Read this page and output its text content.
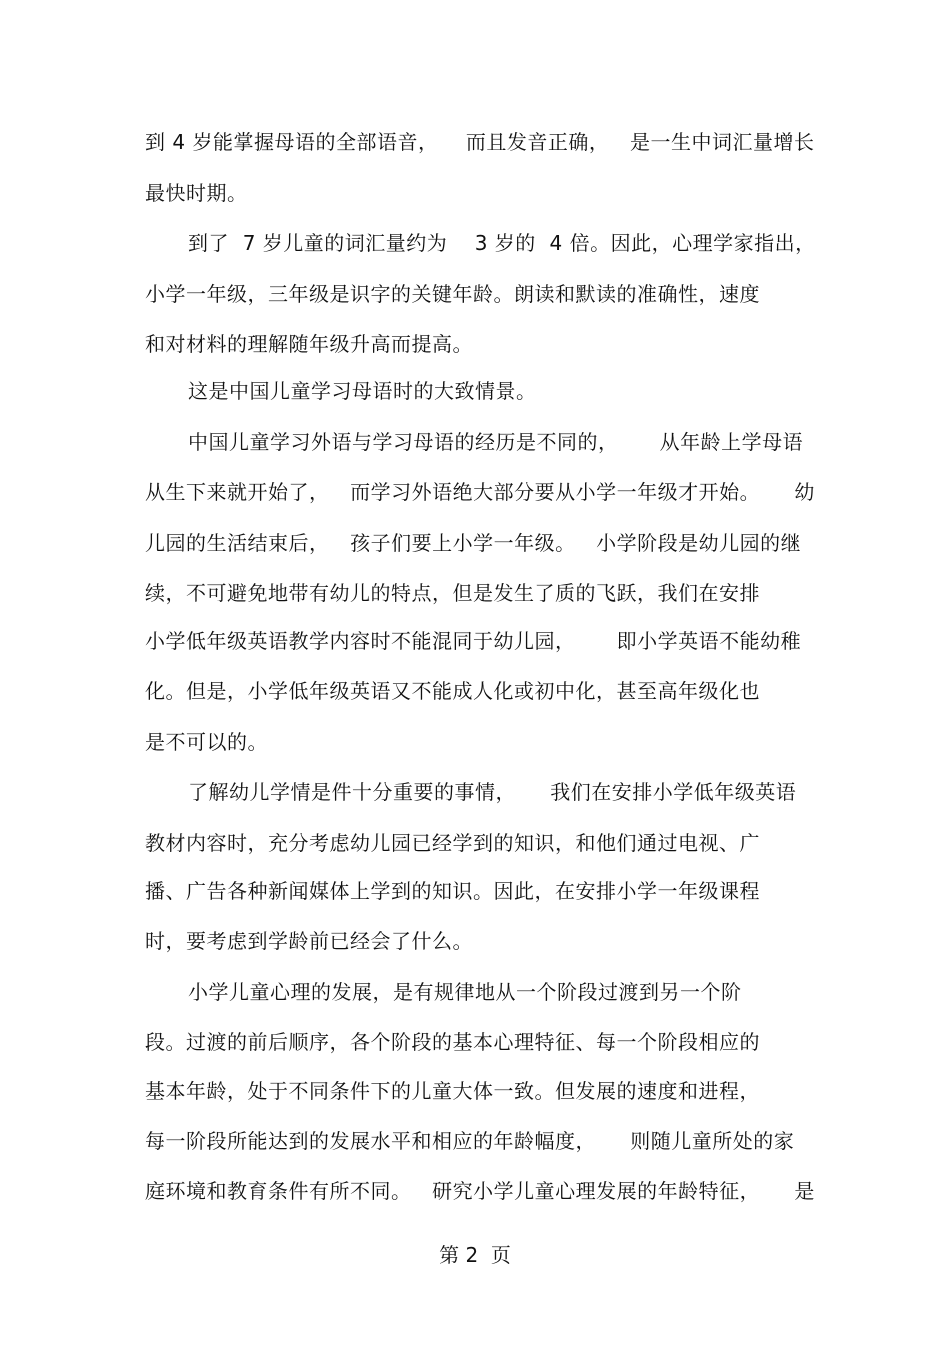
到 4 岁能掌握母语的全部语音，    而且发音正确，   是一生中词汇量增长
最快时期。
到了  7 岁儿童的词汇量约为    3 岁的  4 倍。因此，心理学家指出，
小学一年级，三年级是识字的关键年龄。朗读和默读的准确性，速度
和对材料的理解随年级升高而提高。
这是中国儿童学习母语时的大致情景。
中国儿童学习外语与学习母语的经历是不同的，      从年龄上学母语
从生下来就开始了，   而学习外语绝大部分要从小学一年级才开始。     幼
儿园的生活结束后，   孩子们要上小学一年级。   小学阶段是幼儿园的继
续，不可避免地带有幼儿的特点，但是发生了质的飞跃，我们在安排
小学低年级英语教学内容时不能混同于幼儿园，      即小学英语不能幼稚
化。但是，小学低年级英语又不能成人化或初中化，甚至高年级化也
是不可以的。
了解幼儿学情是件十分重要的事情，     我们在安排小学低年级英语
教材内容时，充分考虑幼儿园已经学到的知识，和他们通过电视、广
播、广告各种新闻媒体上学到的知识。因此，在安排小学一年级课程
时，要考虑到学龄前已经会了什么。
小学儿童心理的发展，是有规律地从一个阶段过渡到另一个阶
段。过渡的前后顺序，各个阶段的基本心理特征、每一个阶段相应的
基本年龄，处于不同条件下的儿童大体一致。但发展的速度和进程，
每一阶段所能达到的发展水平和相应的年龄幅度，     则随儿童所处的家
庭环境和教育条件有所不同。   研究小学儿童心理发展的年龄特征，     是
第 2  页
